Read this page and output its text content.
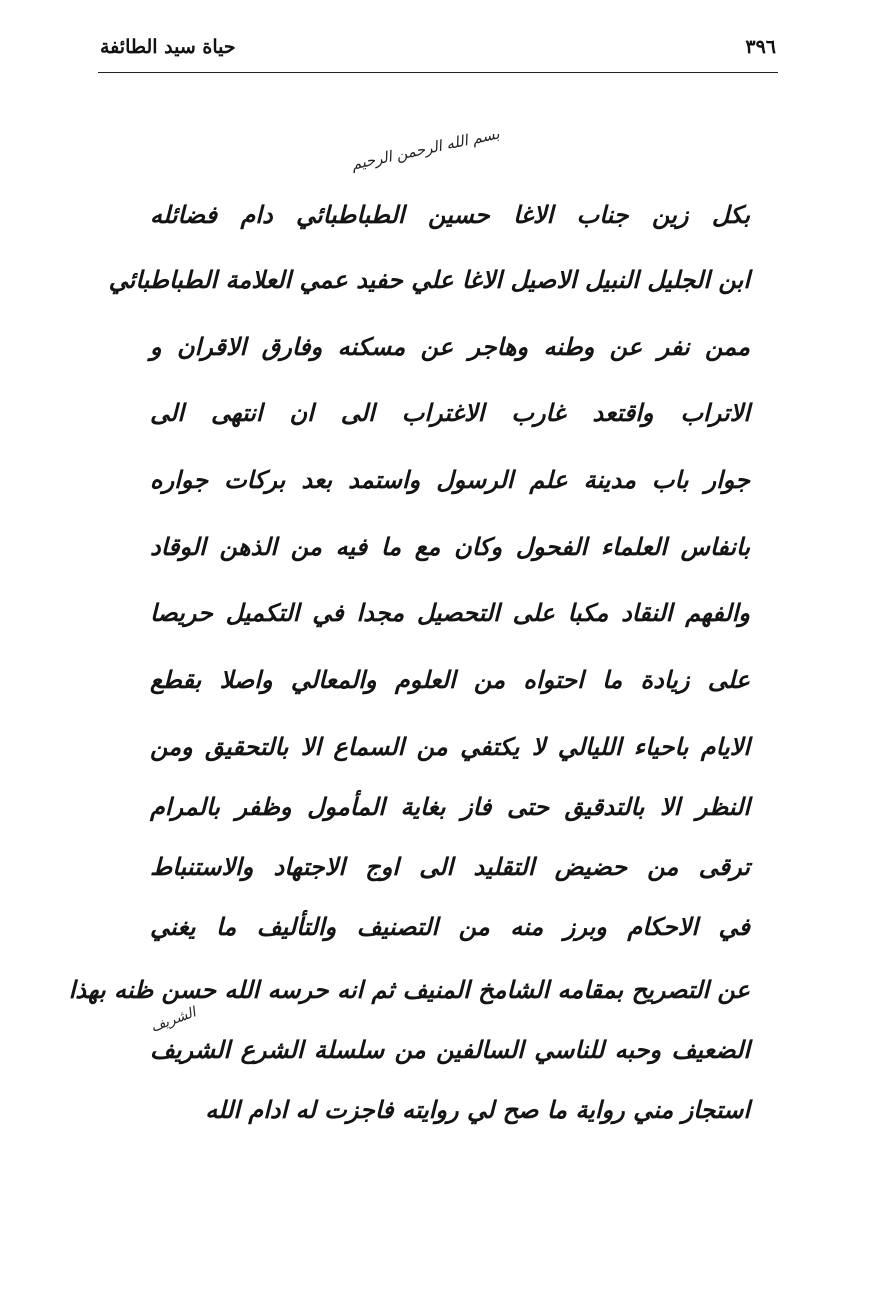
حياة سيد الطائفة	٣٩٦
بسم الله الرحمن الرحيم
بكل زين جناب الاغا حسين الطباطبائي دام فضائله
ابن الجليل النبيل الاصيل الاغا علي حفيد عمي العلامة الطباطبائي
ممن نفر عن وطنه وهاجر عن مسكنه وفارق الاقران و
الاتراب واقتعد غارب الاغتراب الى ان انتهى الى
جوار باب مدينة علم الرسول واستمد بعد بركات جواره
بانفاس العلماء الفحول وكان مع ما فيه من الذهن الوقاد
والفهم النقاد مكبا على التحصيل مجدا في التكميل حريصا
على زيادة ما احتواه من العلوم والمعالي واصلا بقطع
الايام باحياء الليالي لا يكتفي من السماع الا بالتحقيق ومن
النظر الا بالتدقيق حتى فاز بغاية المأمول وظفر بالمرام
ترقى من حضيض التقليد الى اوج الاجتهاد والاستنباط
في الاحكام وبرز منه من التصنيف والتأليف ما يغني
عن التصريح بمقامه الشامخ المنيف ثم انه حرسه الله حسن ظنه بهذا
الضعيف وحبه للناسي السالفين من سلسلة الشرع الشريف
استجاز مني رواية ما صح لي روايته فاجزت له ادام الله
الشريف
